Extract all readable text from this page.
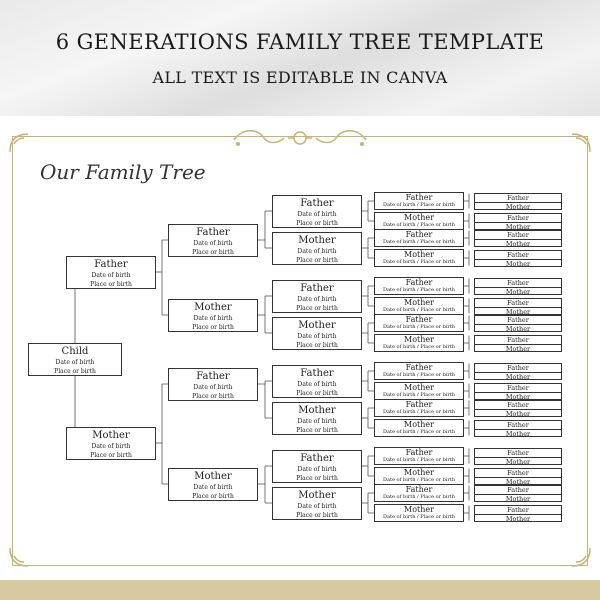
6 GENERATIONS FAMILY TREE TEMPLATE
ALL TEXT IS EDITABLE IN CANVA
Our Family Tree
Child
Date of birth
Place or birth
Father
Date of birth
Place or birth
Mother
Date of birth
Place or birth
Father
Date of birth
Place or birth
Mother
Date of birth
Place or birth
Father
Date of birth
Place or birth
Mother
Date of birth
Place or birth
Father
Date of birth
Place or birth
Mother
Date of birth
Place or birth
Father
Date of birth
Place or birth
Mother
Date of birth
Place or birth
Father
Date of birth
Place or birth
Mother
Date of birth
Place or birth
Father
Date of birth
Place or birth
Mother
Date of birth
Place or birth
Father
Date of birth / Place or birth
Mother
Date of birth / Place or birth
Father
Date of birth / Place or birth
Mother
Date of birth / Place or birth
Father
Date of birth / Place or birth
Mother
Date of birth / Place or birth
Father
Date of birth / Place or birth
Mother
Date of birth / Place or birth
Father
Date of birth / Place or birth
Mother
Date of birth / Place or birth
Father
Date of birth / Place or birth
Mother
Date of birth / Place or birth
Father
Date of birth / Place or birth
Mother
Date of birth / Place or birth
Father
Date of birth / Place or birth
Mother
Date of birth / Place or birth
Father
Mother
Father
Mother
Father
Mother
Father
Mother
Father
Mother
Father
Mother
Father
Mother
Father
Mother
Father
Mother
Father
Mother
Father
Mother
Father
Mother
Father
Mother
Father
Mother
Father
Mother
Father
Mother
